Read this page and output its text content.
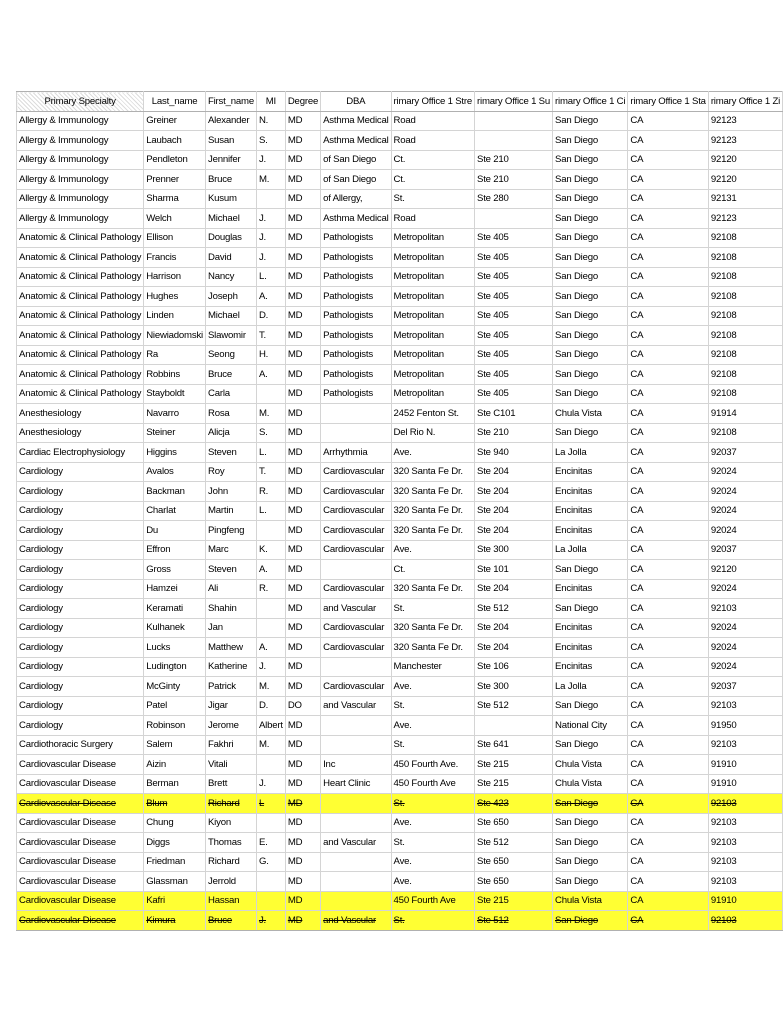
Primary Specialty	Last_name	First_name	MI	Degree	DBA	rimary Office 1 Stre	rimary Office 1 Su	rimary Office 1 Ci	rimary Office 1 Sta	rimary Office 1 Zi
Allergy & Immunology	Greiner	Alexander	N.	MD	Asthma Medical	Road		San Diego	CA	92123
Allergy & Immunology	Laubach	Susan	S.	MD	Asthma Medical	Road		San Diego	CA	92123
Allergy & Immunology	Pendleton	Jennifer	J.	MD	of San Diego	Ct.	Ste 210	San Diego	CA	92120
Allergy & Immunology	Prenner	Bruce	M.	MD	of San Diego	Ct.	Ste 210	San Diego	CA	92120
Allergy & Immunology	Sharma	Kusum		MD	of Allergy,	St.	Ste 280	San Diego	CA	92131
Allergy & Immunology	Welch	Michael	J.	MD	Asthma Medical	Road		San Diego	CA	92123
Anatomic & Clinical Pathology	Ellison	Douglas	J.	MD	Pathologists	Metropolitan	Ste 405	San Diego	CA	92108
Anatomic & Clinical Pathology	Francis	David	J.	MD	Pathologists	Metropolitan	Ste 405	San Diego	CA	92108
Anatomic & Clinical Pathology	Harrison	Nancy	L.	MD	Pathologists	Metropolitan	Ste 405	San Diego	CA	92108
Anatomic & Clinical Pathology	Hughes	Joseph	A.	MD	Pathologists	Metropolitan	Ste 405	San Diego	CA	92108
Anatomic & Clinical Pathology	Linden	Michael	D.	MD	Pathologists	Metropolitan	Ste 405	San Diego	CA	92108
Anatomic & Clinical Pathology	Niewiadomski	Slawomir	T.	MD	Pathologists	Metropolitan	Ste 405	San Diego	CA	92108
Anatomic & Clinical Pathology	Ra	Seong	H.	MD	Pathologists	Metropolitan	Ste 405	San Diego	CA	92108
Anatomic & Clinical Pathology	Robbins	Bruce	A.	MD	Pathologists	Metropolitan	Ste 405	San Diego	CA	92108
Anatomic & Clinical Pathology	Stayboldt	Carla		MD	Pathologists	Metropolitan	Ste 405	San Diego	CA	92108
Anesthesiology	Navarro	Rosa	M.	MD		2452 Fenton St.	Ste C101	Chula Vista	CA	91914
Anesthesiology	Steiner	Alicja	S.	MD		Del Rio N.	Ste 210	San Diego	CA	92108
Cardiac Electrophysiology	Higgins	Steven	L.	MD	Arrhythmia	Ave.	Ste 940	La Jolla	CA	92037
Cardiology	Avalos	Roy	T.	MD	Cardiovascular	320 Santa Fe Dr.	Ste 204	Encinitas	CA	92024
Cardiology	Backman	John	R.	MD	Cardiovascular	320 Santa Fe Dr.	Ste 204	Encinitas	CA	92024
Cardiology	Charlat	Martin	L.	MD	Cardiovascular	320 Santa Fe Dr.	Ste 204	Encinitas	CA	92024
Cardiology	Du	Pingfeng		MD	Cardiovascular	320 Santa Fe Dr.	Ste 204	Encinitas	CA	92024
Cardiology	Effron	Marc	K.	MD	Cardiovascular	Ave.	Ste 300	La Jolla	CA	92037
Cardiology	Gross	Steven	A.	MD		Ct.	Ste 101	San Diego	CA	92120
Cardiology	Hamzei	Ali	R.	MD	Cardiovascular	320 Santa Fe Dr.	Ste 204	Encinitas	CA	92024
Cardiology	Keramati	Shahin		MD	and Vascular	St.	Ste 512	San Diego	CA	92103
Cardiology	Kulhanek	Jan		MD	Cardiovascular	320 Santa Fe Dr.	Ste 204	Encinitas	CA	92024
Cardiology	Lucks	Matthew	A.	MD	Cardiovascular	320 Santa Fe Dr.	Ste 204	Encinitas	CA	92024
Cardiology	Ludington	Katherine	J.	MD		Manchester	Ste 106	Encinitas	CA	92024
Cardiology	McGinty	Patrick	M.	MD	Cardiovascular	Ave.	Ste 300	La Jolla	CA	92037
Cardiology	Patel	Jigar	D.	DO	and Vascular	St.	Ste 512	San Diego	CA	92103
Cardiology	Robinson	Jerome	Albert	MD		Ave.		National City	CA	91950
Cardiothoracic Surgery	Salem	Fakhri	M.	MD		St.	Ste 641	San Diego	CA	92103
Cardiovascular Disease	Aizin	Vitali		MD	Inc	450 Fourth Ave.	Ste 215	Chula Vista	CA	91910
Cardiovascular Disease	Berman	Brett	J.	MD	Heart Clinic	450 Fourth Ave	Ste 215	Chula Vista	CA	91910
Cardiovascular Disease	Blum	Richard	L	MD		St.	Ste 423	San Diego	CA	92103
Cardiovascular Disease	Chung	Kiyon		MD		Ave.	Ste 650	San Diego	CA	92103
Cardiovascular Disease	Diggs	Thomas	E.	MD	and Vascular	St.	Ste 512	San Diego	CA	92103
Cardiovascular Disease	Friedman	Richard	G.	MD		Ave.	Ste 650	San Diego	CA	92103
Cardiovascular Disease	Glassman	Jerrold		MD		Ave.	Ste 650	San Diego	CA	92103
Cardiovascular Disease	Kafri	Hassan		MD		450 Fourth Ave	Ste 215	Chula Vista	CA	91910
Cardiovascular Disease	Kimura	Bruce	J.	MD	and Vascular	St.	Ste 512	San Diego	CA	92103
